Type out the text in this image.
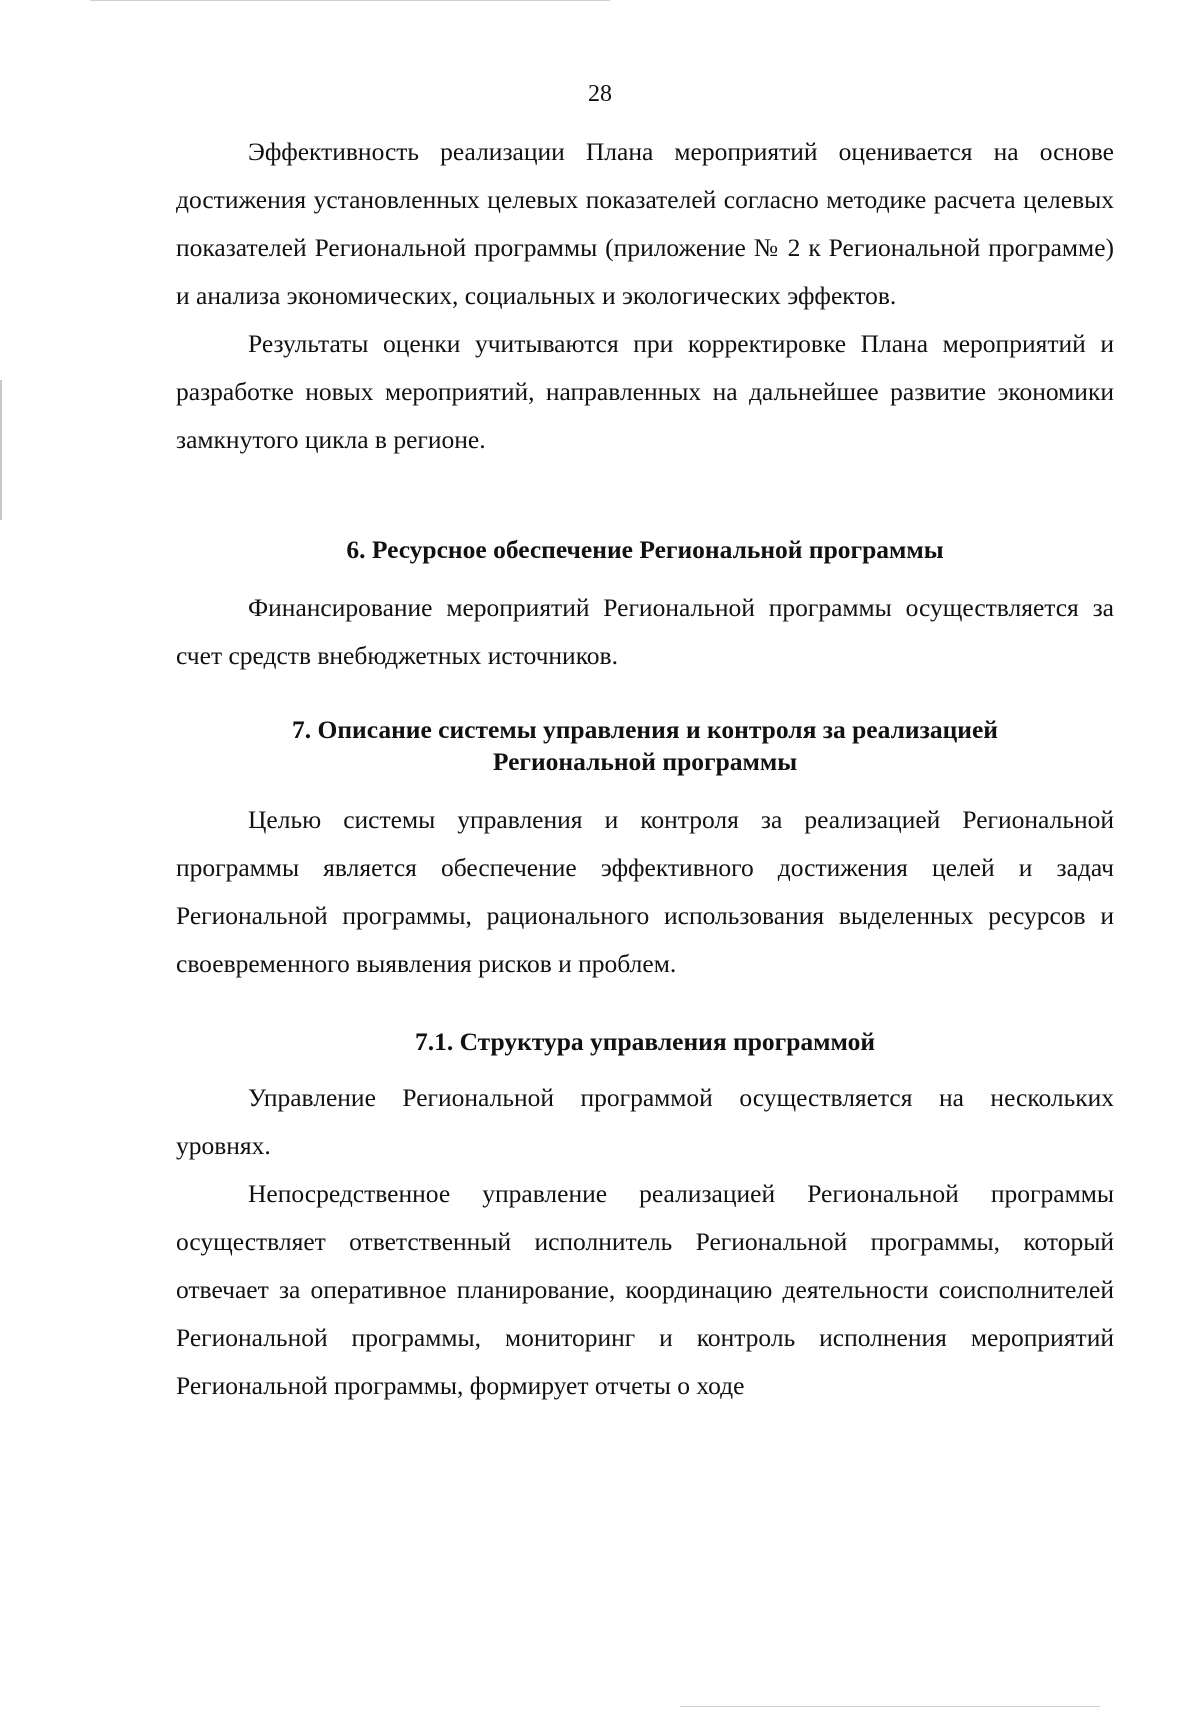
28

Эффективность реализации Плана мероприятий оценивается на основе достижения установленных целевых показателей согласно методике расчета целевых показателей Региональной программы (приложение № 2 к Региональной программе) и анализа экономических, социальных и экологических эффектов.

Результаты оценки учитываются при корректировке Плана мероприятий и разработке новых мероприятий, направленных на дальнейшее развитие экономики замкнутого цикла в регионе.

6. Ресурсное обеспечение Региональной программы

Финансирование мероприятий Региональной программы осуществляется за счет средств внебюджетных источников.

7. Описание системы управления и контроля за реализацией
Региональной программы

Целью системы управления и контроля за реализацией Региональной программы является обеспечение эффективного достижения целей и задач Региональной программы, рационального использования выделенных ресурсов и своевременного выявления рисков и проблем.

7.1. Структура управления программой

Управление Региональной программой осуществляется на нескольких уровнях.

Непосредственное управление реализацией Региональной программы осуществляет ответственный исполнитель Региональной программы, который отвечает за оперативное планирование, координацию деятельности соисполнителей Региональной программы, мониторинг и контроль исполнения мероприятий Региональной программы, формирует отчеты о ходе
